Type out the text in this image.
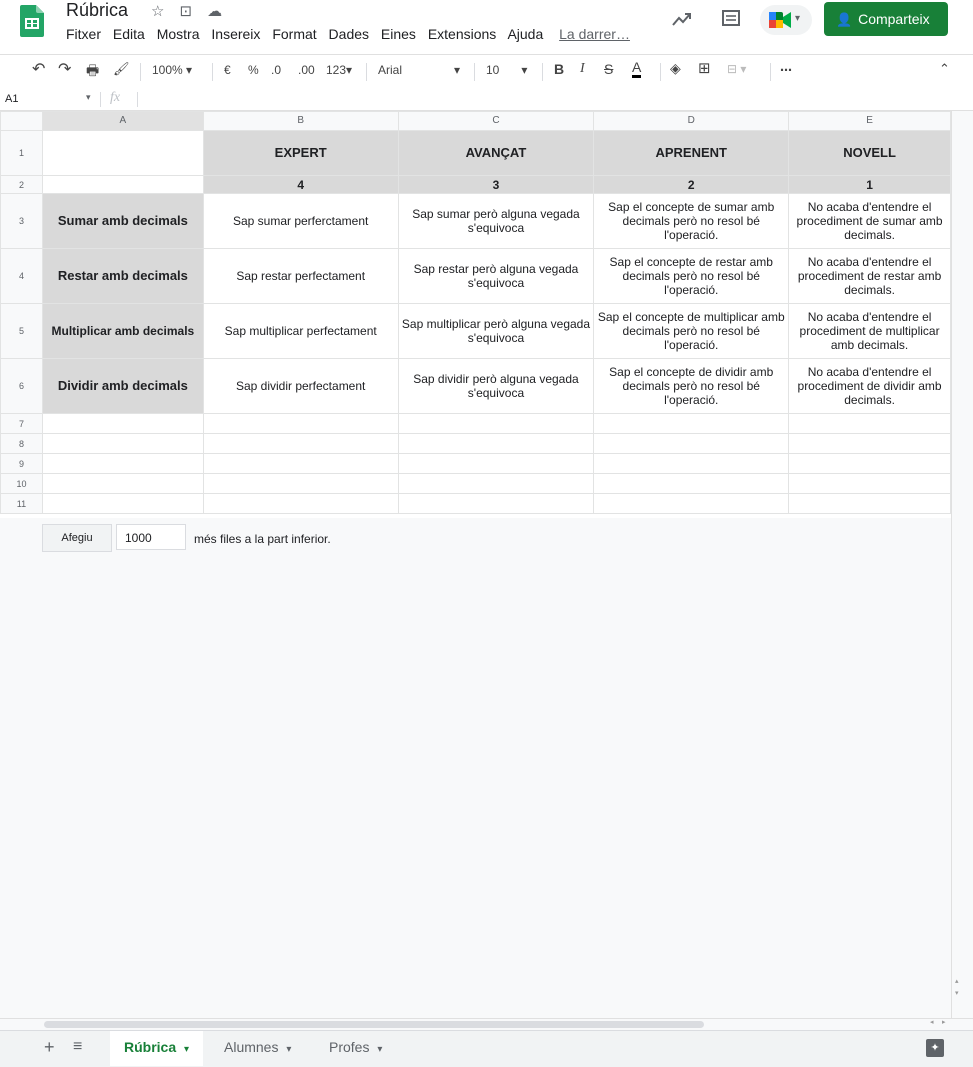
Rúbrica ☆ ⊡ ☁
Fitxer Edita Mostra Insereix Format Dades Eines Extensions Ajuda La darrer…
▾	👤 Comparteix
↶ ↷ 🖶 🖌 100% ▾	€ % .0 .00 123▾ Arial	▾ 10 ▾ B I S A ◈ ⊞ ⊟ ▾	⋯	⌃
A1	▾ fx
	A	B	C	D	E
1		EXPERT	AVANÇAT	APRENENT	NOVELL
2		4	3	2	1
3	Sumar amb decimals	Sap sumar perferctament	Sap sumar però alguna vegada s'equivoca	Sap el concepte de sumar amb decimals però no resol bé l'operació.	No acaba d'entendre el procediment de sumar amb decimals.
4	Restar amb decimals	Sap restar perfectament	Sap restar però alguna vegada s'equivoca	Sap el concepte de restar amb decimals però no resol bé l'operació.	No acaba d'entendre el procediment de restar amb decimals.
5	Multiplicar amb decimals	Sap multiplicar perfectament	Sap multiplicar però alguna vegada s'equivoca	Sap el concepte de multiplicar amb decimals però no resol bé l'operació.	No acaba d'entendre el procediment de multiplicar amb decimals.
6	Dividir amb decimals	Sap dividir perfectament	Sap dividir però alguna vegada s'equivoca	Sap el concepte de dividir amb decimals però no resol bé l'operació.	No acaba d'entendre el procediment de dividir amb decimals.
7					
8					
9					
10					
11					
Afegiu	1000	més files a la part inferior.
▴
▾
◂ ▸
+ ≡	Rúbrica ▾	Alumnes ▾	Profes ▾	✦
